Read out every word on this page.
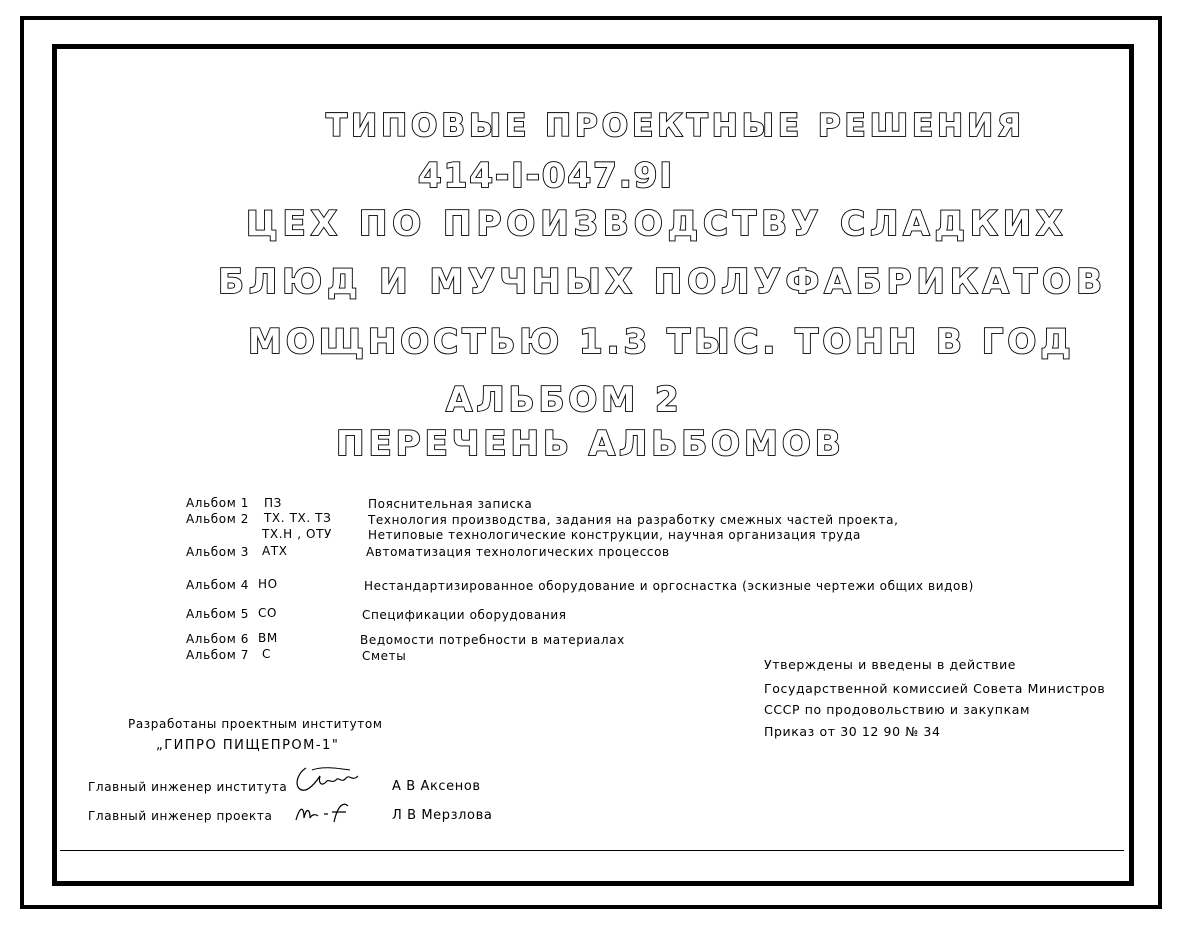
ТИПОВЫЕ ПРОЕКТНЫЕ РЕШЕНИЯ
414-I-047.9I
ЦЕХ ПО ПРОИЗВОДСТВУ СЛАДКИХ
БЛЮД И МУЧНЫХ ПОЛУФАБРИКАТОВ
МОЩНОСТЬЮ 1.3 ТЫС. ТОНН В ГОД
АЛЬБОМ 2
ПЕРЕЧЕНЬ АЛЬБОМОВ
Альбом 1 ПЗ	Пояснительная записка
Альбом 2 ТХ. ТХ. ТЗ	Технология производства, задания на разработку смежных частей проекта,
ТХ.Н , ОТУ	Нетиповые технологические конструкции, научная организация труда
Альбом 3 АТХ	Автоматизация технологических процессов
Альбом 4 НО	Нестандартизированное оборудование и оргоснастка (эскизные чертежи общих видов)
Альбом 5 СО	Спецификации оборудования
Альбом 6 ВМ	Ведомости потребности в материалах
Альбом 7 С	Сметы
Утверждены и введены в действие
Государственной комиссией Совета Министров
СССР по продовольствию и закупкам
Приказ от 30 12 90 № 34
Разработаны проектным институтом
„ГИПРО ПИЩЕПРОМ-1"
Главный инженер института	А В Аксенов
Главный инженер проекта	Л В Мерзлова
